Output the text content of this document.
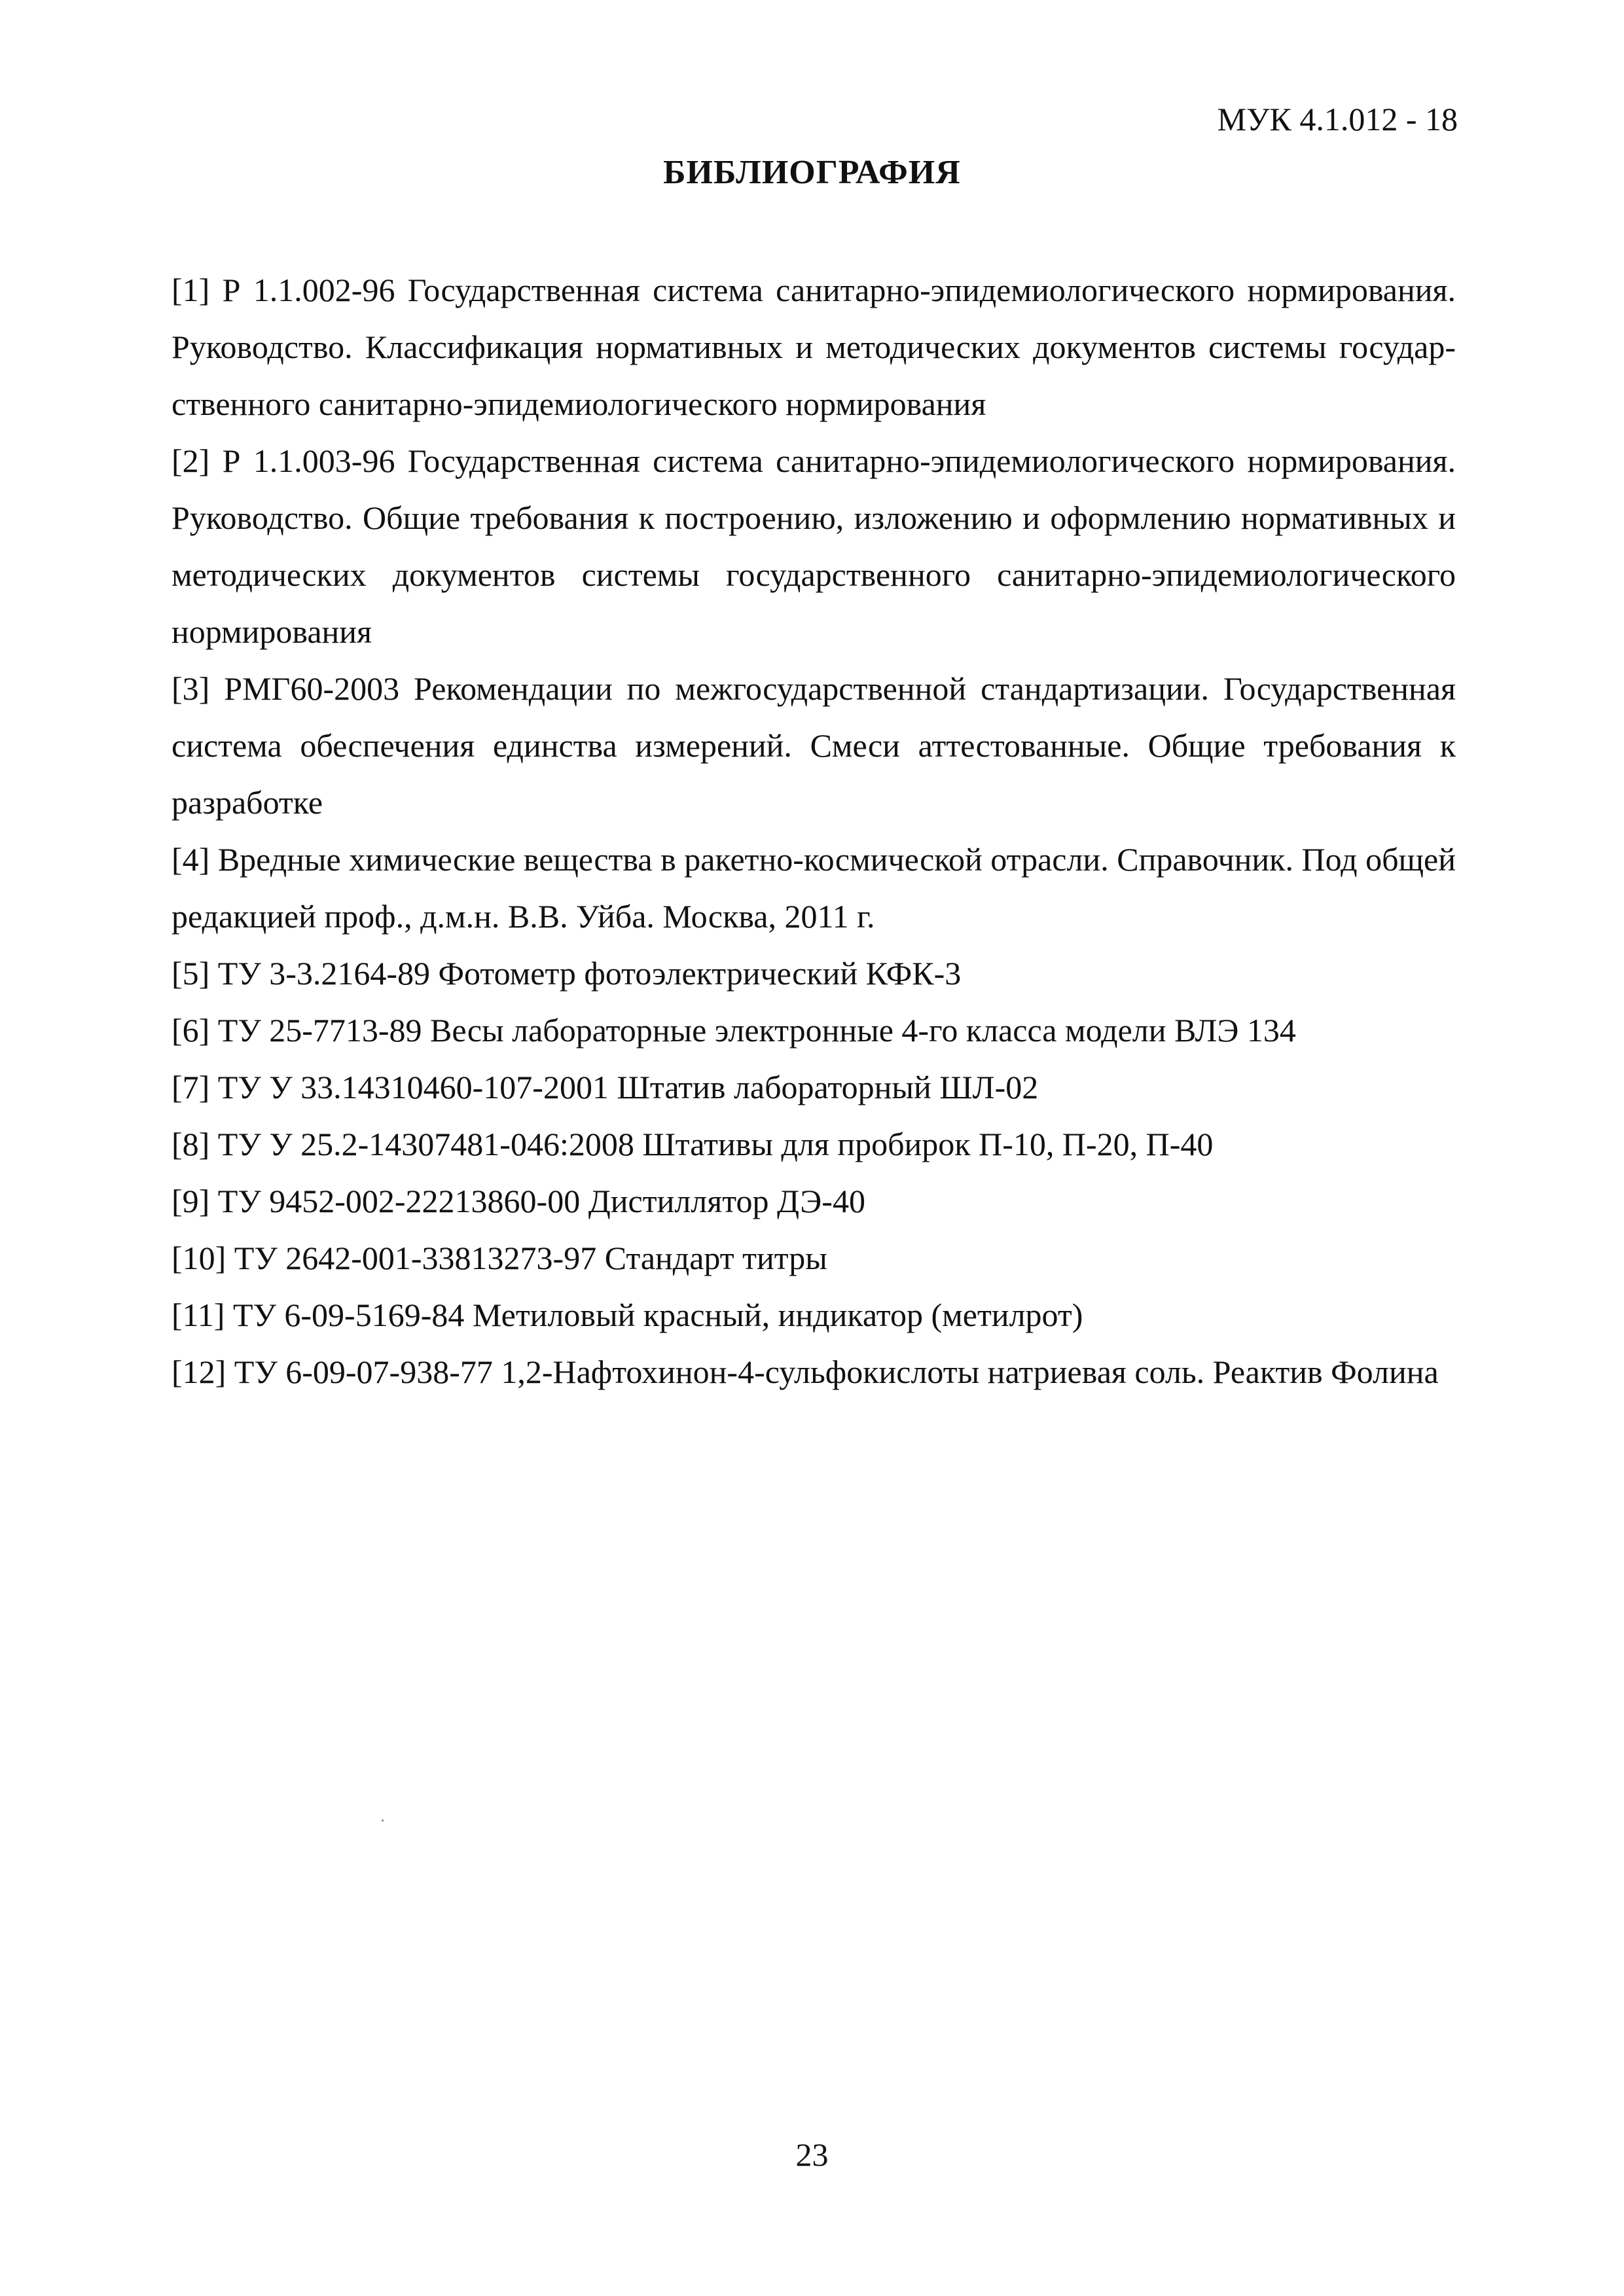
МУК 4.1.012 - 18
БИБЛИОГРАФИЯ

[1] Р 1.1.002-96 Государственная система санитарно-эпидемиологического нормирования. Руководство. Классификация нормативных и методических документов системы государственного санитарно-эпидемиологического нормирования

[2] Р 1.1.003-96 Государственная система санитарно-эпидемиологического нормирования. Руководство. Общие требования к построению, изложению и оформлению нормативных и методических документов системы государственного санитарно-эпидемиологического нормирования

[3] РМГ60-2003 Рекомендации по межгосударственной стандартизации. Государственная система обеспечения единства измерений. Смеси аттестованные. Общие требования к разработке

[4] Вредные химические вещества в ракетно-космической отрасли. Справочник. Под общей редакцией проф., д.м.н. В.В. Уйба. Москва, 2011 г.

[5] ТУ 3-3.2164-89 Фотометр фотоэлектрический КФК-3

[6] ТУ 25-7713-89 Весы лабораторные электронные 4-го класса модели ВЛЭ 134

[7] ТУ У 33.14310460-107-2001 Штатив лабораторный ШЛ-02

[8] ТУ У 25.2-14307481-046:2008 Штативы для пробирок П-10, П-20, П-40

[9] ТУ 9452-002-22213860-00 Дистиллятор ДЭ-40

[10] ТУ 2642-001-33813273-97 Стандарт титры

[11] ТУ 6-09-5169-84 Метиловый красный, индикатор (метилрот)

[12] ТУ 6-09-07-938-77 1,2-Нафтохинон-4-сульфокислоты натриевая соль. Реактив Фолина

23
